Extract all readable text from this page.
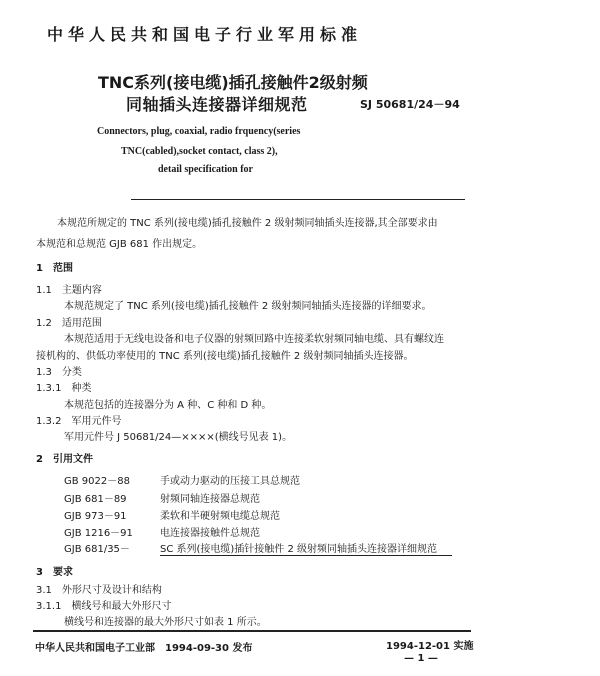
中华人民共和国电子行业军用标准
TNC系列(接电缆)插孔接触件2级射频
同轴插头连接器详细规范	SJ 50681/24－94
Connectors, plug, coaxial, radio frquency(series
TNC(cabled),socket contact, class 2),
detail specification for
本规范所规定的 TNC 系列(接电缆)插孔接触件 2 级射频同轴插头连接器,其全部要求由
本规范和总规范 GJB 681 作出规定。
1　范围
1.1　主题内容
本规范规定了 TNC 系列(接电缆)插孔接触件 2 级射频同轴插头连接器的详细要求。
1.2　适用范围
本规范适用于无线电设备和电子仪器的射频回路中连接柔软射频同轴电缆、具有螺纹连
接机构的、供低功率使用的 TNC 系列(接电缆)插孔接触件 2 级射频同轴插头连接器。
1.3　分类
1.3.1　种类
本规范包括的连接器分为 A 种、C 种和 D 种。
1.3.2　军用元件号
军用元件号 J 50681/24—××××(横线号见表 1)。
2　引用文件
GB 9022－88	手或动力驱动的压接工具总规范
GJB 681－89	射频同轴连接器总规范
GJB 973－91	柔软和半硬射频电缆总规范
GJB 1216－91	电连接器接触件总规范
GJB 681/35－	SC 系列(接电缆)插针接触件 2 级射频同轴插头连接器详细规范
3　要求
3.1　外形尺寸及设计和结构
3.1.1　横线号和最大外形尺寸
横线号和连接器的最大外形尺寸如表 1 所示。
中华人民共和国电子工业部　1994-09-30 发布	1994-12-01 实施
— 1 —
